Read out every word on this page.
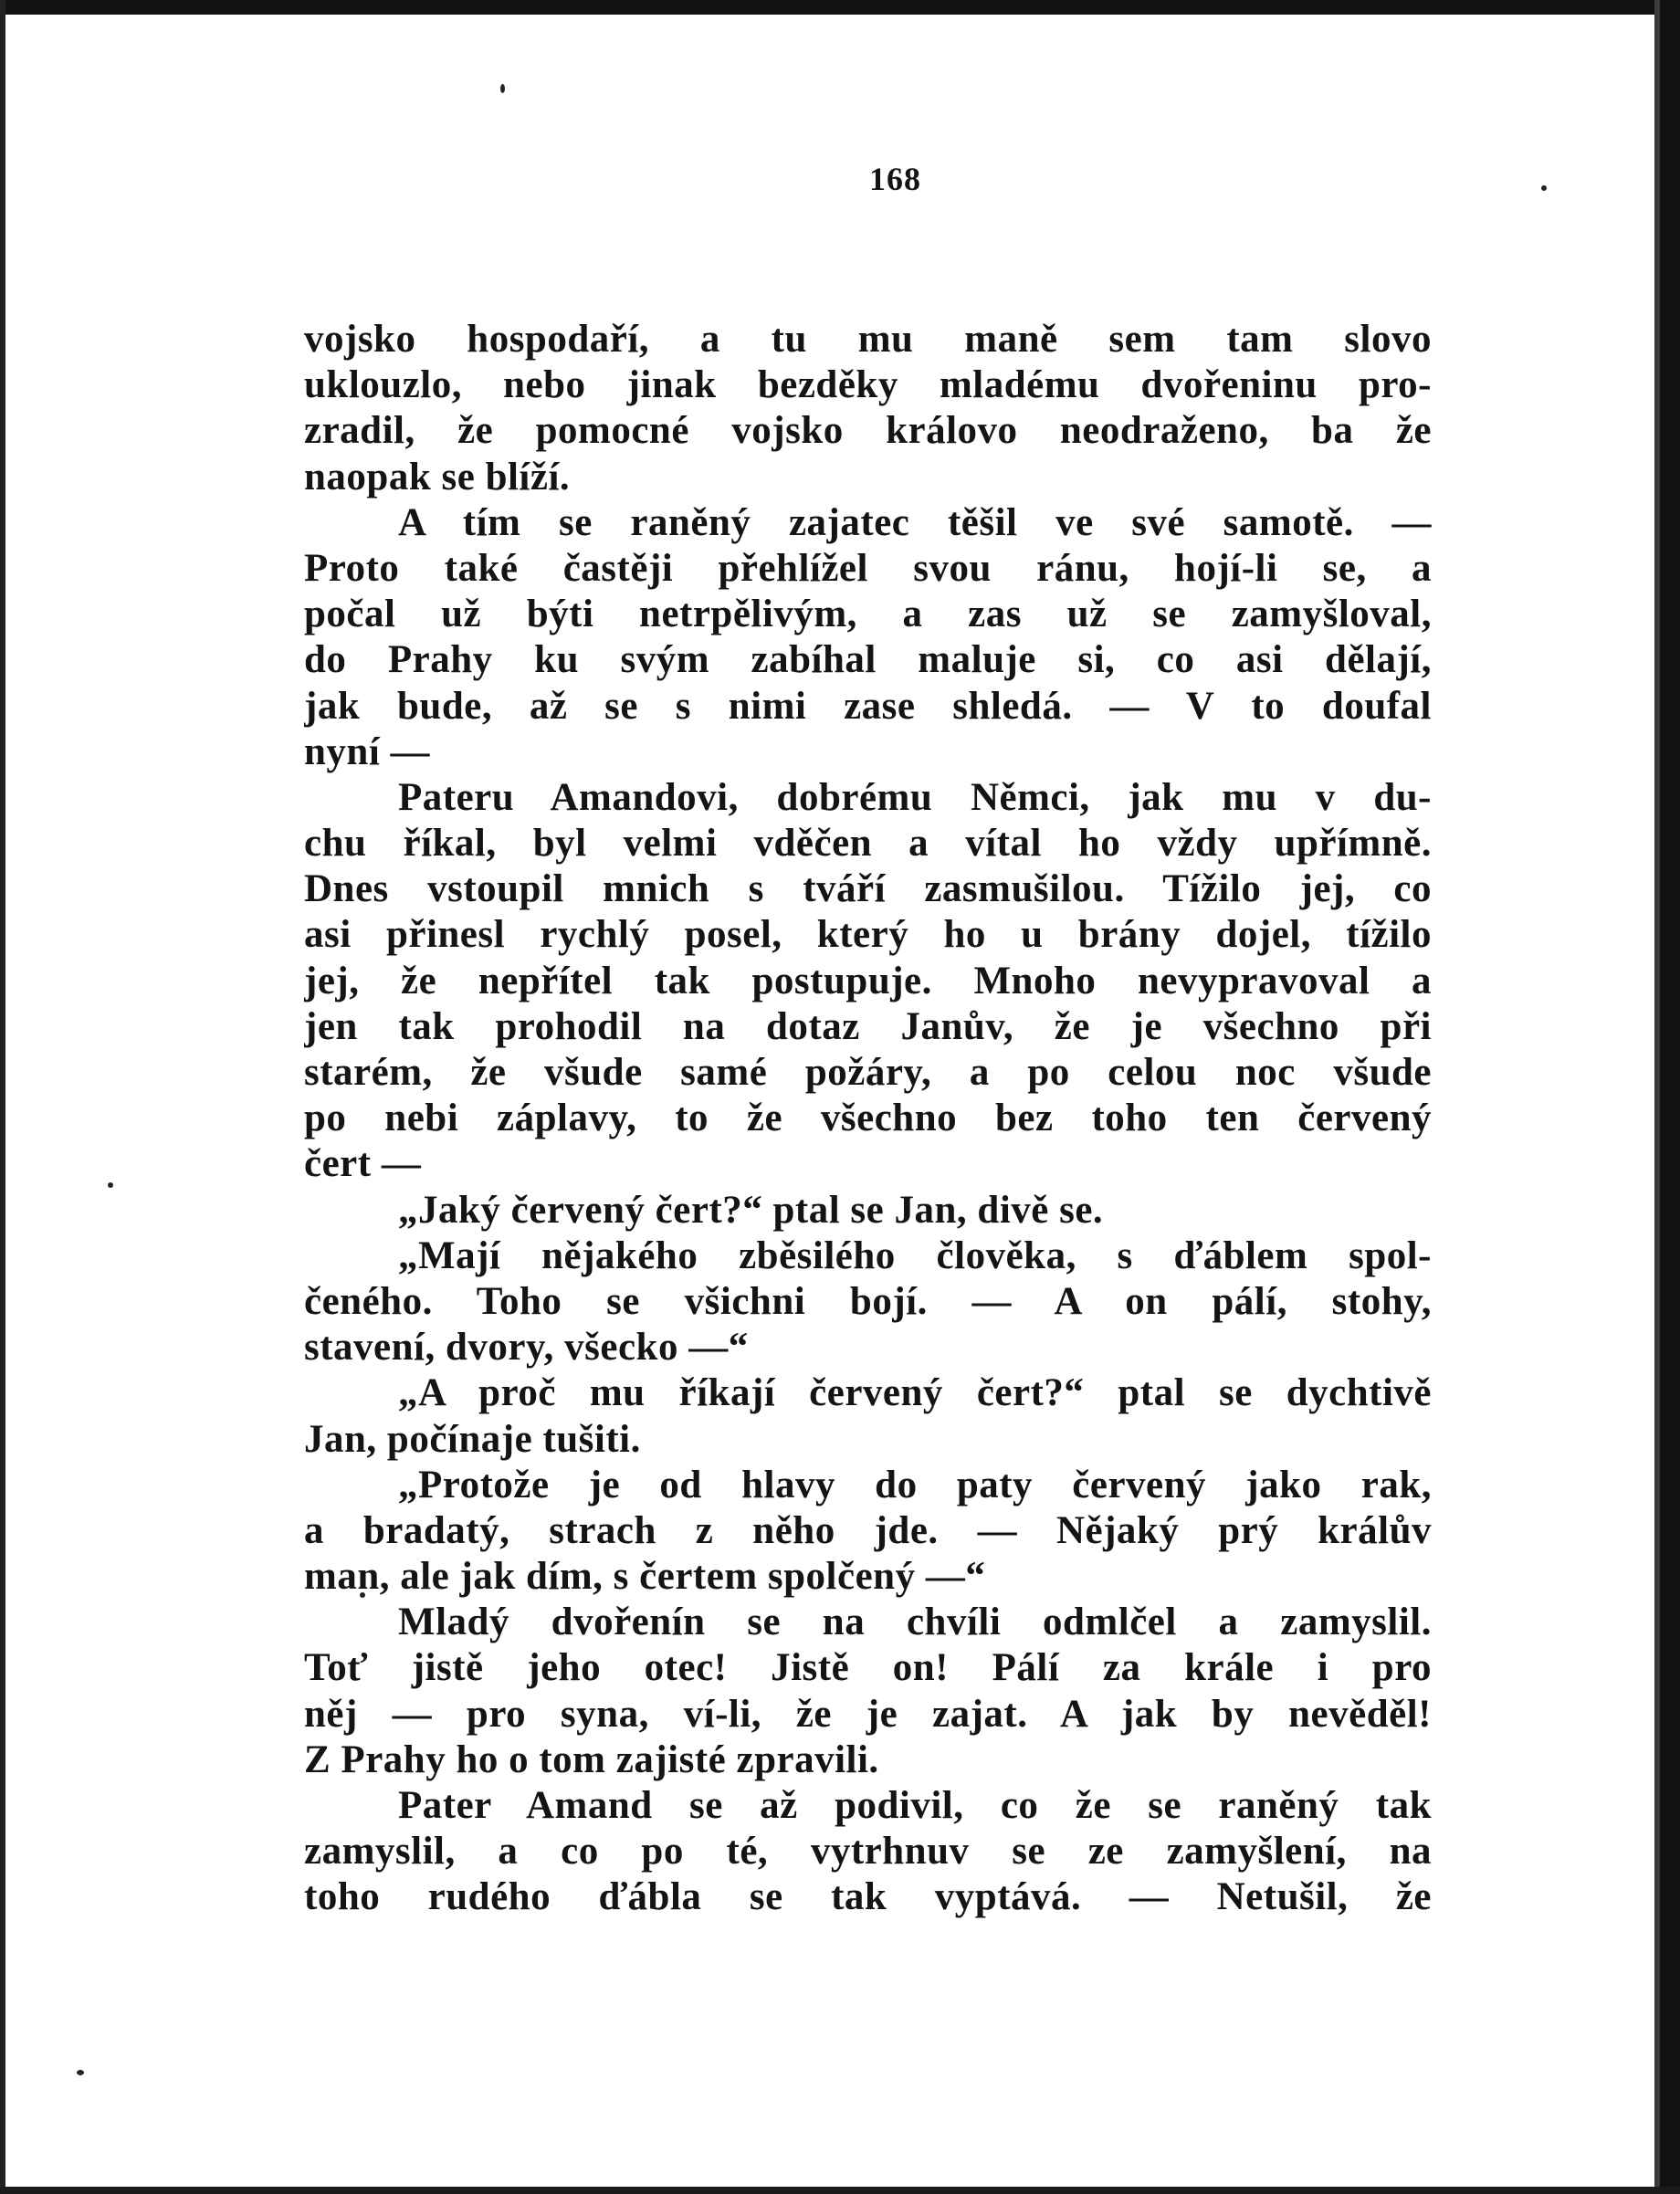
168
vojsko hospodaří, a tu mu maně sem tam slovo
uklouzlo, nebo jinak bezděky mladému dvořeninu pro-
zradil, že pomocné vojsko královo neodraženo, ba že
naopak se blíží.
A tím se raněný zajatec těšil ve své samotě. —
Proto také častěji přehlížel svou ránu, hojí-li se, a
počal už býti netrpělivým, a zas už se zamyšloval,
do Prahy ku svým zabíhal maluje si, co asi dělají,
jak bude, až se s nimi zase shledá. — V to doufal
nyní —
Pateru Amandovi, dobrému Němci, jak mu v du-
chu říkal, byl velmi vděčen a vítal ho vždy upřímně.
Dnes vstoupil mnich s tváří zasmušilou. Tížilo jej, co
asi přinesl rychlý posel, který ho u brány dojel, tížilo
jej, že nepřítel tak postupuje. Mnoho nevypravoval a
jen tak prohodil na dotaz Janův, že je všechno při
starém, že všude samé požáry, a po celou noc všude
po nebi záplavy, to že všechno bez toho ten červený
čert —
„Jaký červený čert?“ ptal se Jan, divě se.
„Mají nějakého zběsilého člověka, s ďáblem spol-
čeného. Toho se všichni bojí. — A on pálí, stohy,
stavení, dvory, všecko —“
„A proč mu říkají červený čert?“ ptal se dychtivě
Jan, počínaje tušiti.
„Protože je od hlavy do paty červený jako rak,
a bradatý, strach z něho jde. — Nějaký prý králův
man, ale jak dím, s čertem spolčený —“
Mladý dvořenín se na chvíli odmlčel a zamyslil.
Toť jistě jeho otec! Jistě on! Pálí za krále i pro
něj — pro syna, ví-li, že je zajat. A jak by nevěděl!
Z Prahy ho o tom zajisté zpravili.
Pater Amand se až podivil, co že se raněný tak
zamyslil, a co po té, vytrhnuv se ze zamyšlení, na
toho rudého ďábla se tak vyptává. — Netušil, že
